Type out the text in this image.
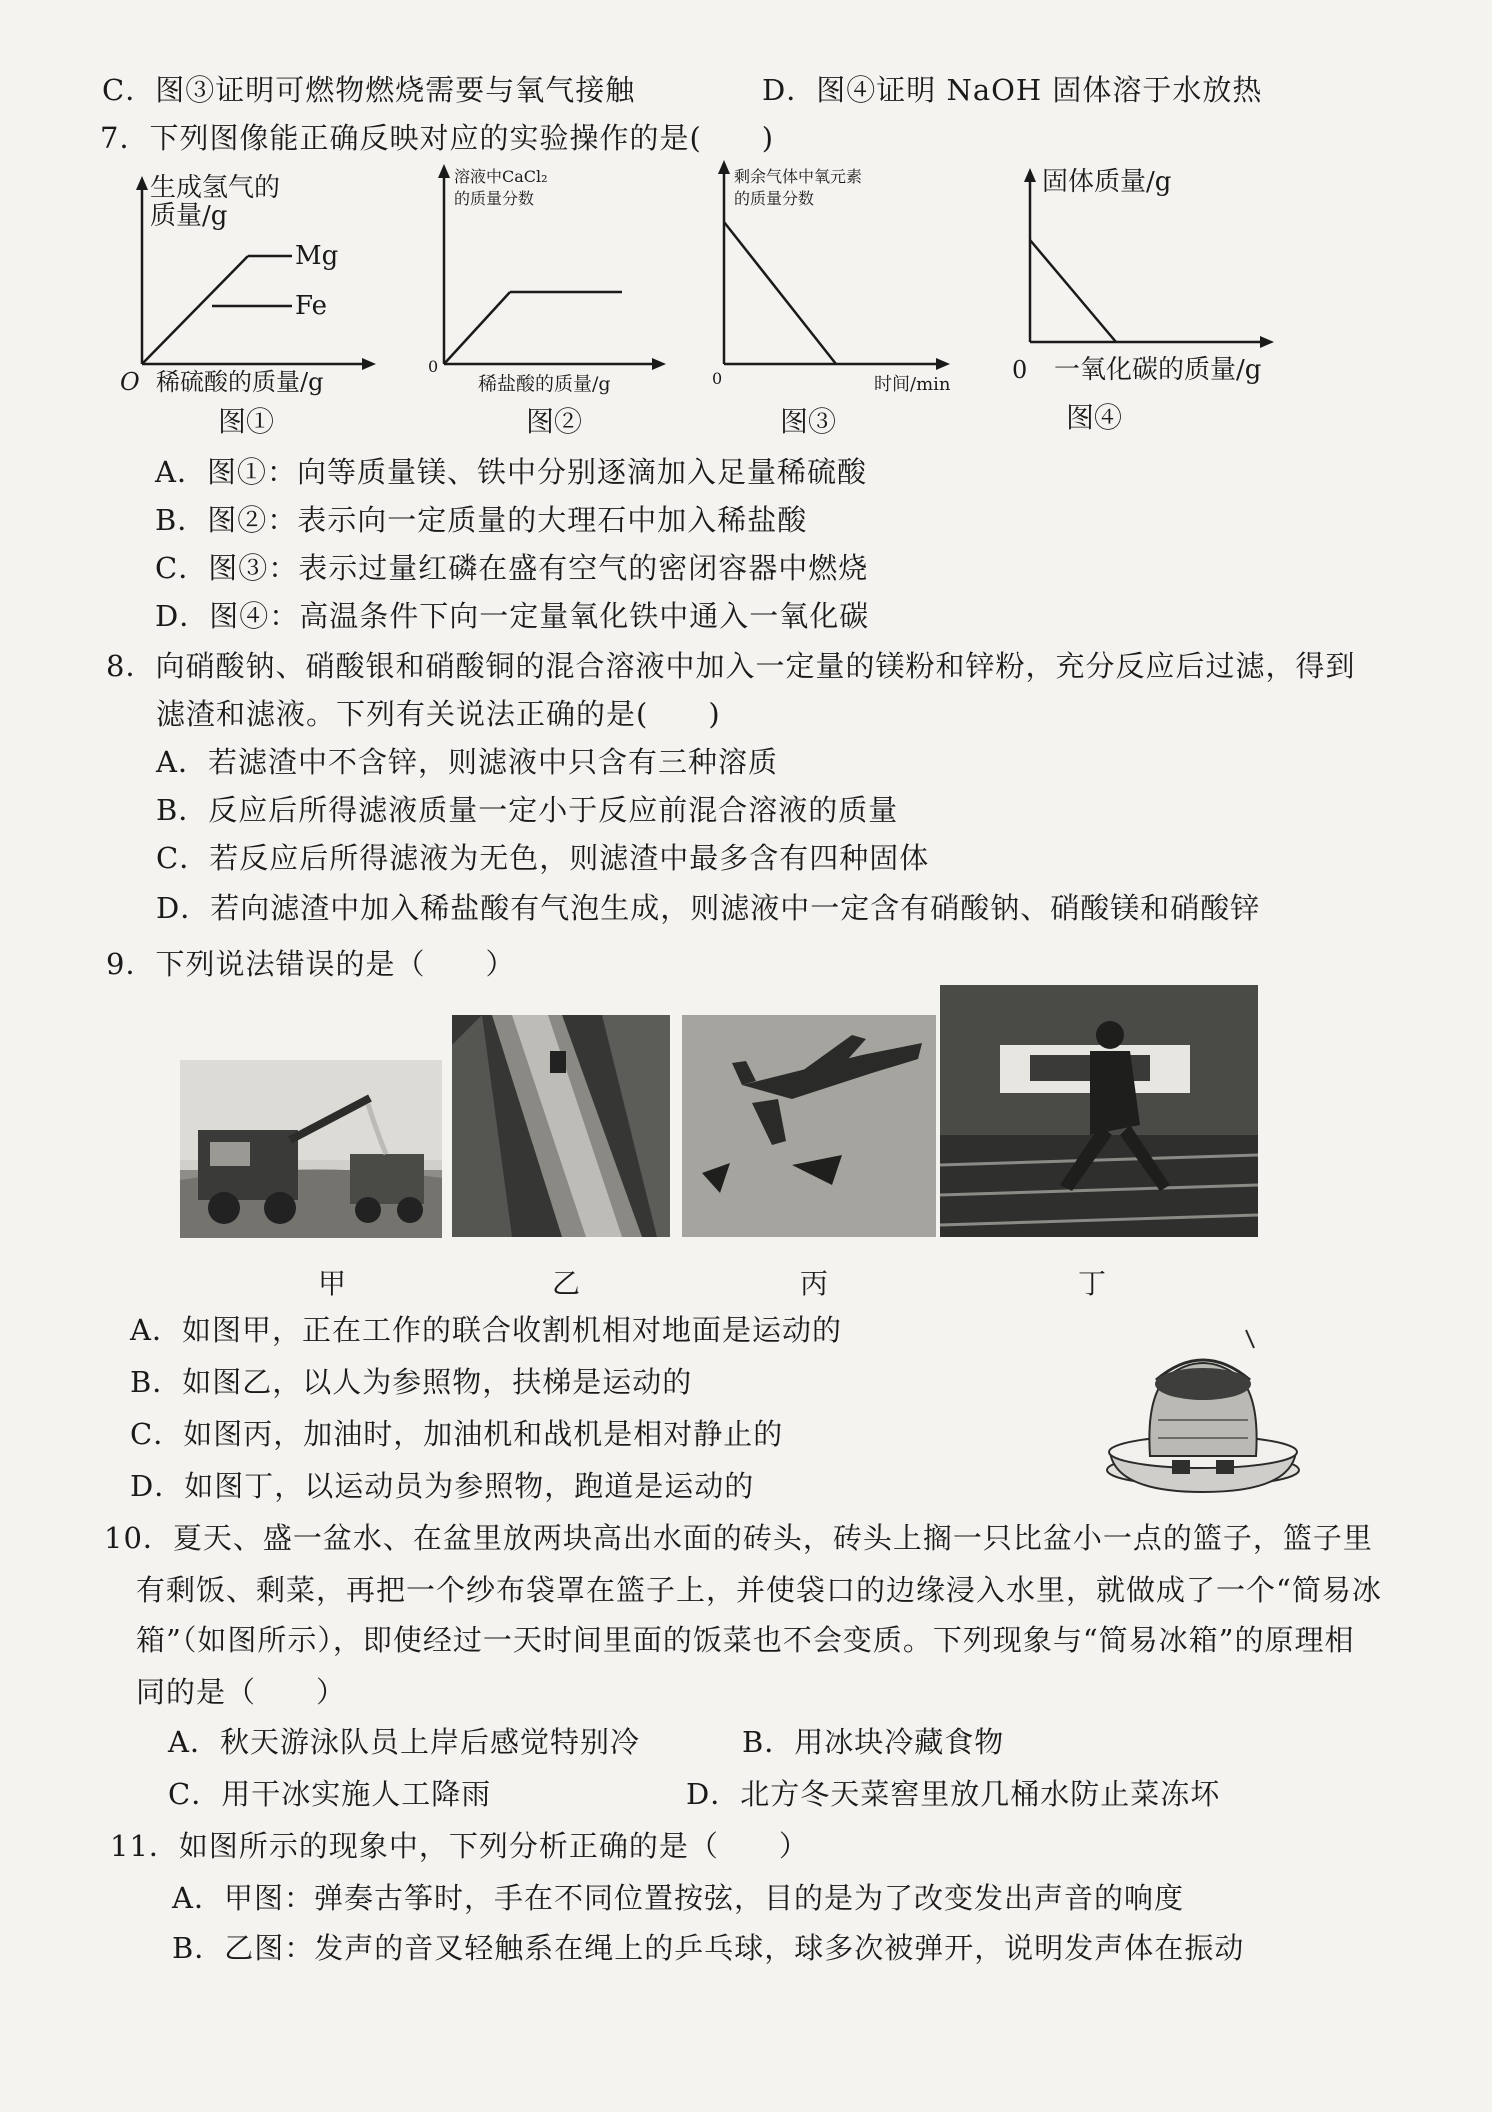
C．图③证明可燃物燃烧需要与氧气接触	D．图④证明 NaOH 固体溶于水放热
7．下列图像能正确反映对应的实验操作的是(　　)
生成氢气的
质量/g
Mg
Fe
O 稀硫酸的质量/g
图①
溶液中CaCl₂
的质量分数
0
稀盐酸的质量/g
图②
剩余气体中氧元素
的质量分数
0	时间/min
图③
固体质量/g
0 一氧化碳的质量/g
图④
A．图①：向等质量镁、铁中分别逐滴加入足量稀硫酸
B．图②：表示向一定质量的大理石中加入稀盐酸
C．图③：表示过量红磷在盛有空气的密闭容器中燃烧
D．图④：高温条件下向一定量氧化铁中通入一氧化碳
8．向硝酸钠、硝酸银和硝酸铜的混合溶液中加入一定量的镁粉和锌粉，充分反应后过滤，得到
滤渣和滤液。下列有关说法正确的是(　　)
A．若滤渣中不含锌，则滤液中只含有三种溶质
B．反应后所得滤液质量一定小于反应前混合溶液的质量
C．若反应后所得滤液为无色，则滤渣中最多含有四种固体
D．若向滤渣中加入稀盐酸有气泡生成，则滤液中一定含有硝酸钠、硝酸镁和硝酸锌
9．下列说法错误的是（　　）
甲	乙	丙	丁
A．如图甲，正在工作的联合收割机相对地面是运动的
B．如图乙，以人为参照物，扶梯是运动的
C．如图丙，加油时，加油机和战机是相对静止的
D．如图丁，以运动员为参照物，跑道是运动的
10．夏天、盛一盆水、在盆里放两块高出水面的砖头，砖头上搁一只比盆小一点的篮子，篮子里
有剩饭、剩菜，再把一个纱布袋罩在篮子上，并使袋口的边缘浸入水里，就做成了一个“简易冰
箱”（如图所示），即使经过一天时间里面的饭菜也不会变质。下列现象与“简易冰箱”的原理相
同的是（　　）
A．秋天游泳队员上岸后感觉特别冷	B．用冰块冷藏食物
C．用干冰实施人工降雨	D．北方冬天菜窖里放几桶水防止菜冻坏
11．如图所示的现象中，下列分析正确的是（　　）
A．甲图：弹奏古筝时，手在不同位置按弦，目的是为了改变发出声音的响度
B．乙图：发声的音叉轻触系在绳上的乒乓球，球多次被弹开，说明发声体在振动
